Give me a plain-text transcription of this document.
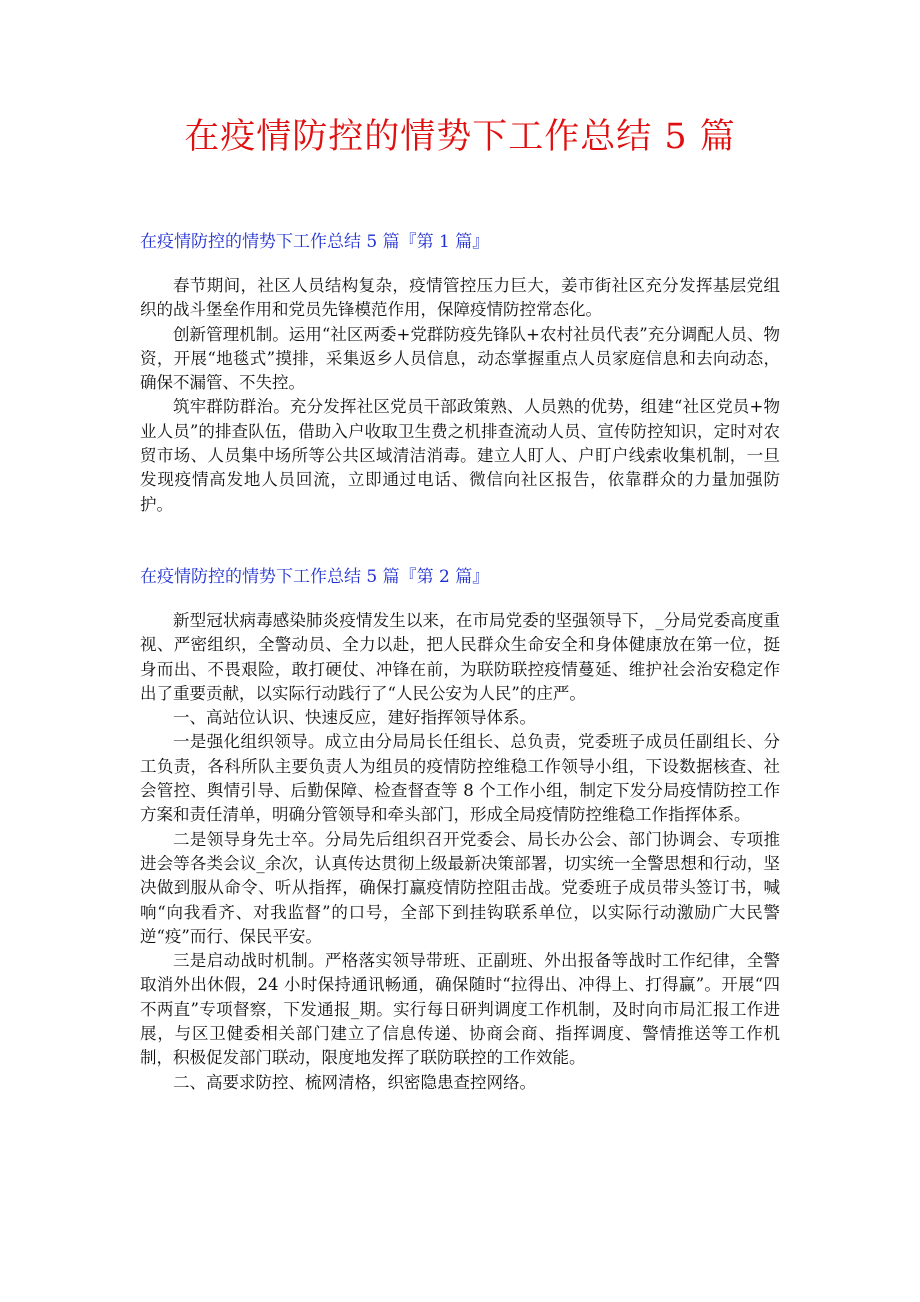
在疫情防控的情势下工作总结 5 篇
在疫情防控的情势下工作总结 5 篇『第 1 篇』

春节期间，社区人员结构复杂，疫情管控压力巨大，姜市街社区充分发挥基层党组织的战斗堡垒作用和党员先锋模范作用，保障疫情防控常态化。

创新管理机制。运用“社区两委+党群防疫先锋队+农村社员代表”充分调配人员、物资，开展“地毯式”摸排，采集返乡人员信息，动态掌握重点人员家庭信息和去向动态，确保不漏管、不失控。

筑牢群防群治。充分发挥社区党员干部政策熟、人员熟的优势，组建“社区党员+物业人员”的排查队伍，借助入户收取卫生费之机排查流动人员、宣传防控知识，定时对农贸市场、人员集中场所等公共区域清洁消毒。建立人盯人、户盯户线索收集机制，一旦发现疫情高发地人员回流，立即通过电话、微信向社区报告，依靠群众的力量加强防护。

在疫情防控的情势下工作总结 5 篇『第 2 篇』

新型冠状病毒感染肺炎疫情发生以来，在市局党委的坚强领导下，_分局党委高度重视、严密组织，全警动员、全力以赴，把人民群众生命安全和身体健康放在第一位，挺身而出、不畏艰险，敢打硬仗、冲锋在前，为联防联控疫情蔓延、维护社会治安稳定作出了重要贡献，以实际行动践行了“人民公安为人民”的庄严。

一、高站位认识、快速反应，建好指挥领导体系。

一是强化组织领导。成立由分局局长任组长、总负责，党委班子成员任副组长、分工负责，各科所队主要负责人为组员的疫情防控维稳工作领导小组，下设数据核查、社会管控、舆情引导、后勤保障、检查督查等 8 个工作小组，制定下发分局疫情防控工作方案和责任清单，明确分管领导和牵头部门，形成全局疫情防控维稳工作指挥体系。

二是领导身先士卒。分局先后组织召开党委会、局长办公会、部门协调会、专项推进会等各类会议_余次，认真传达贯彻上级最新决策部署，切实统一全警思想和行动，坚决做到服从命令、听从指挥，确保打赢疫情防控阻击战。党委班子成员带头签订书，喊响“向我看齐、对我监督”的口号，全部下到挂钩联系单位，以实际行动激励广大民警逆“疫”而行、保民平安。

三是启动战时机制。严格落实领导带班、正副班、外出报备等战时工作纪律，全警取消外出休假，24 小时保持通讯畅通，确保随时“拉得出、冲得上、打得赢”。开展“四不两直”专项督察，下发通报_期。实行每日研判调度工作机制，及时向市局汇报工作进展，与区卫健委相关部门建立了信息传递、协商会商、指挥调度、警情推送等工作机制，积极促发部门联动，限度地发挥了联防联控的工作效能。

二、高要求防控、梳网清格，织密隐患查控网络。
